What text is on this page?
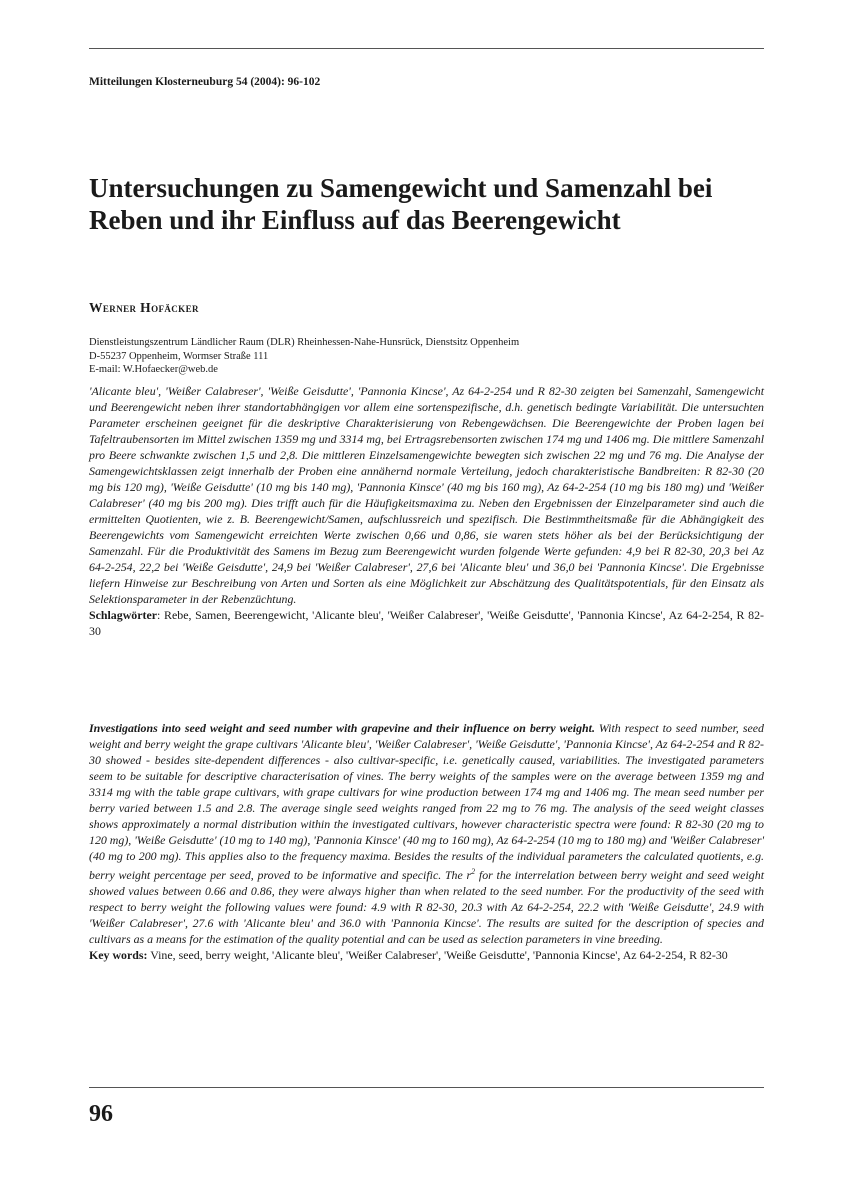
Mitteilungen Klosterneuburg 54 (2004): 96-102
Untersuchungen zu Samengewicht und Samenzahl bei Reben und ihr Einfluss auf das Beerengewicht
Werner Hofäcker
Dienstleistungszentrum Ländlicher Raum (DLR) Rheinhessen-Nahe-Hunsrück, Dienstsitz Oppenheim
D-55237 Oppenheim, Wormser Straße 111
E-mail: W.Hofaecker@web.de

'Alicante bleu', 'Weißer Calabreser', 'Weiße Geisdutte', 'Pannonia Kincse', Az 64-2-254 und R 82-30 zeigten bei Samenzahl, Samengewicht und Beerengewicht neben ihrer standortabhängigen vor allem eine sortenspezifische, d.h. genetisch bedingte Variabilität. Die untersuchten Parameter erscheinen geeignet für die deskriptive Charakterisierung von Rebengewächsen. Die Beerengewichte der Proben lagen bei Tafeltraubensorten im Mittel zwischen 1359 mg und 3314 mg, bei Ertragsrebensorten zwischen 174 mg und 1406 mg. Die mittlere Samenzahl pro Beere schwankte zwischen 1,5 und 2,8. Die mittleren Einzelsamengewichte bewegten sich zwischen 22 mg und 76 mg. Die Analyse der Samengewichtsklassen zeigt innerhalb der Proben eine annähernd normale Verteilung, jedoch charakteristische Bandbreiten: R 82-30 (20 mg bis 120 mg), 'Weiße Geisdutte' (10 mg bis 140 mg), 'Pannonia Kinsce' (40 mg bis 160 mg), Az 64-2-254 (10 mg bis 180 mg) und 'Weißer Calabreser' (40 mg bis 200 mg). Dies trifft auch für die Häufigkeitsmaxima zu. Neben den Ergebnissen der Einzelparameter sind auch die ermittelten Quotienten, wie z. B. Beerengewicht/Samen, aufschlussreich und spezifisch. Die Bestimmtheitsmaße für die Abhängigkeit des Beerengewichts vom Samengewicht erreichten Werte zwischen 0,66 und 0,86, sie waren stets höher als bei der Berücksichtigung der Samenzahl. Für die Produktivität des Samens im Bezug zum Beerengewicht wurden folgende Werte gefunden: 4,9 bei R 82-30, 20,3 bei Az 64-2-254, 22,2 bei 'Weiße Geisdutte', 24,9 bei 'Weißer Calabreser', 27,6 bei 'Alicante bleu' und 36,0 bei 'Pannonia Kincse'. Die Ergebnisse liefern Hinweise zur Beschreibung von Arten und Sorten als eine Möglichkeit zur Abschätzung des Qualitätspotentials, für den Einsatz als Selektionsparameter in der Rebenzüchtung.
Schlagwörter: Rebe, Samen, Beerengewicht, 'Alicante bleu', 'Weißer Calabreser', 'Weiße Geisdutte', 'Pannonia Kincse', Az 64-2-254, R 82-30

Investigations into seed weight and seed number with grapevine and their influence on berry weight. With respect to seed number, seed weight and berry weight the grape cultivars 'Alicante bleu', 'Weißer Calabreser', 'Weiße Geisdutte', 'Pannonia Kincse', Az 64-2-254 and R 82-30 showed - besides site-dependent differences - also cultivar-specific, i.e. genetically caused, variabilities. The investigated parameters seem to be suitable for descriptive characterisation of vines. The berry weights of the samples were on the average between 1359 mg and 3314 mg with the table grape cultivars, with grape cultivars for wine production between 174 mg and 1406 mg. The mean seed number per berry varied between 1.5 and 2.8. The average single seed weights ranged from 22 mg to 76 mg. The analysis of the seed weight classes shows approximately a normal distribution within the investigated cultivars, however characteristic spectra were found: R 82-30 (20 mg to 120 mg), 'Weiße Geisdutte' (10 mg to 140 mg), 'Pannonia Kinsce' (40 mg to 160 mg), Az 64-2-254 (10 mg to 180 mg) and 'Weißer Calabreser' (40 mg to 200 mg). This applies also to the frequency maxima. Besides the results of the individual parameters the calculated quotients, e.g. berry weight percentage per seed, proved to be informative and specific. The $r^2$ for the interrelation between berry weight and seed weight showed values between 0.66 and 0.86, they were always higher than when related to the seed number. For the productivity of the seed with respect to berry weight the following values were found: 4.9 with R 82-30, 20.3 with Az 64-2-254, 22.2 with 'Weiße Geisdutte', 24.9 with 'Weißer Calabreser', 27.6 with 'Alicante bleu' and 36.0 with 'Pannonia Kincse'. The results are suited for the description of species and cultivars as a means for the estimation of the quality potential and can be used as selection parameters in vine breeding.
Key words: Vine, seed, berry weight, 'Alicante bleu', 'Weißer Calabreser', 'Weiße Geisdutte', 'Pannonia Kincse', Az 64-2-254, R 82-30

96
